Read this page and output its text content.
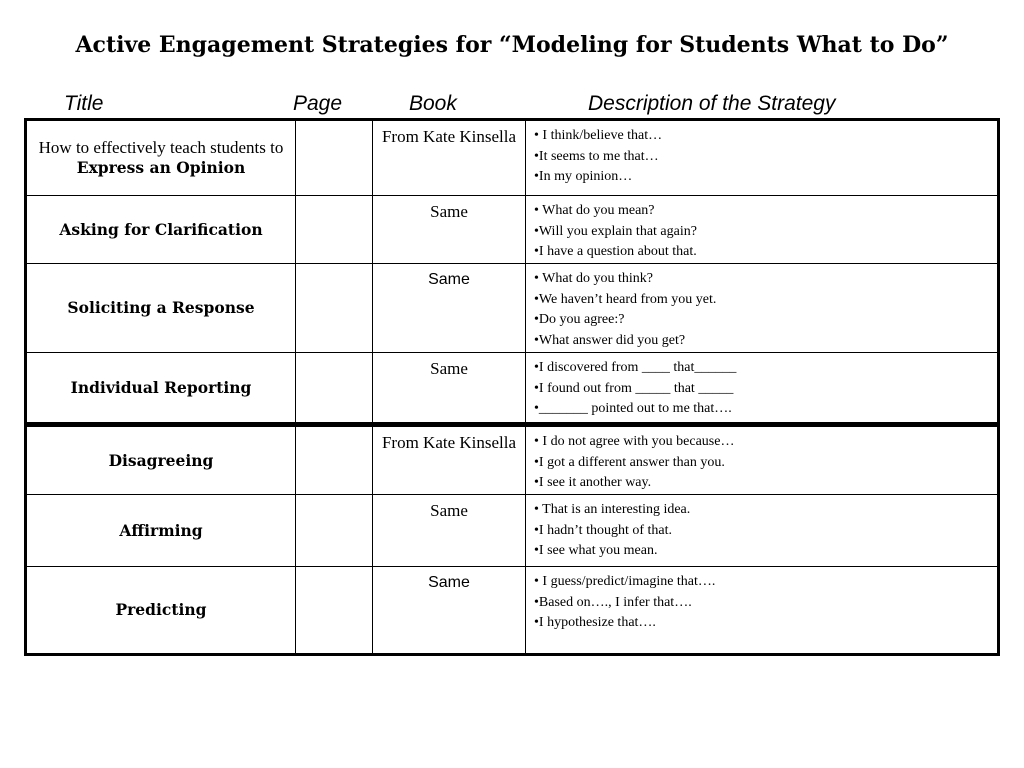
Active Engagement Strategies for “Modeling for Students What to Do”
Title	Page	Book	Description of the Strategy
How to effectively teach students to Express an Opinion		From Kate Kinsella	• I think/believe that…
•It seems to me that…
•In my opinion…

Asking for Clarification		Same	• What do you mean?
•Will you explain that again?
•I have a question about that.

Soliciting a Response		Same	• What do you think?
•We haven’t heard from you yet.
•Do you agree:?
•What answer did you get?

Individual Reporting		Same	•I discovered from ____ that______
•I found out from _____ that _____
•_______ pointed out to me that….

Disagreeing		From Kate Kinsella	• I do not agree with you because…
•I got a different answer than you.
•I see it another way.

Affirming		Same	• That is an interesting idea.
•I hadn’t thought of that.
•I see what you mean.

Predicting		Same	• I guess/predict/imagine that….
•Based on…., I infer that….
•I hypothesize that….
